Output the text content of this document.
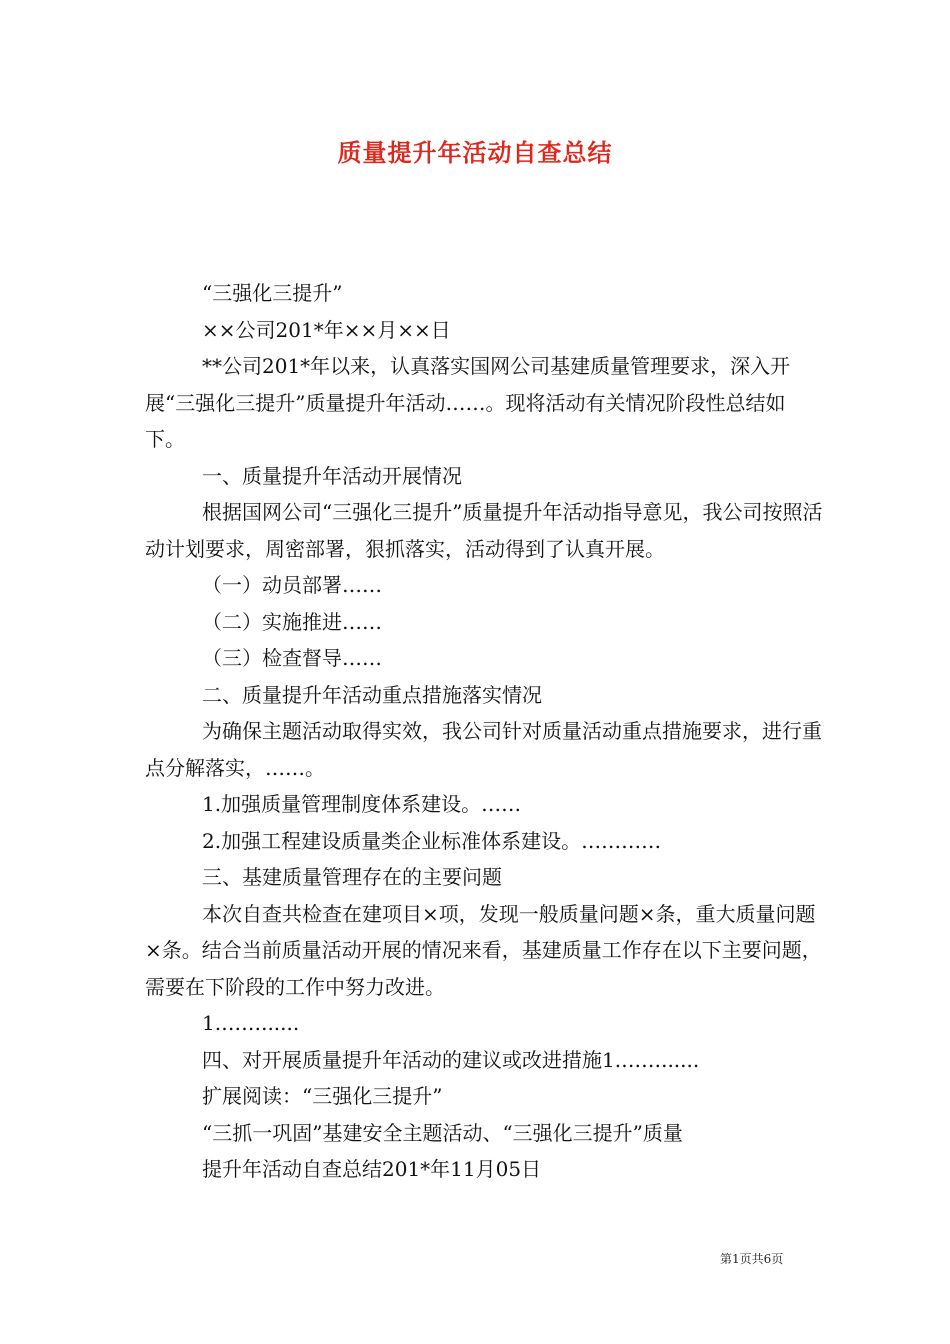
质量提升年活动自查总结

“三强化三提升”

××公司201*年××月××日

**公司201*年以来，认真落实国网公司基建质量管理要求，深入开展“三强化三提升”质量提升年活动……。现将活动有关情况阶段性总结如下。

一、质量提升年活动开展情况

根据国网公司“三强化三提升”质量提升年活动指导意见，我公司按照活动计划要求，周密部署，狠抓落实，活动得到了认真开展。

（一）动员部署……

（二）实施推进……

（三）检查督导……

二、质量提升年活动重点措施落实情况

为确保主题活动取得实效，我公司针对质量活动重点措施要求，进行重点分解落实，……。

1.加强质量管理制度体系建设。……

2.加强工程建设质量类企业标准体系建设。…………

三、基建质量管理存在的主要问题

本次自查共检查在建项目×项，发现一般质量问题×条，重大质量问题×条。结合当前质量活动开展的情况来看，基建质量工作存在以下主要问题，需要在下阶段的工作中努力改进。

1.……......

四、对开展质量提升年活动的建议或改进措施1.……......

扩展阅读：“三强化三提升”

“三抓一巩固”基建安全主题活动、“三强化三提升”质量

提升年活动自查总结201*年11月05日

第1页共6页
